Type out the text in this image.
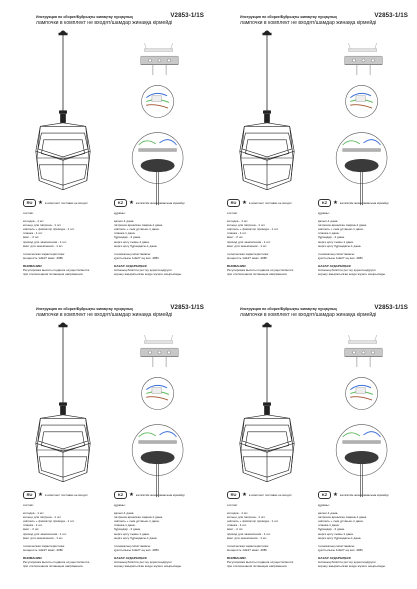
Инструкция по сборке/Буйрықты жинақтау нұсқаулық	V2853-1/1S
лампочки в комплект не входят/шамдар жинаққа кірмейді
RU	★ в комплект поставки не входит	KZ	★ жеткізілім жинақтамасына кірмейді
состав:
колодка - 1 шт.
кольцо для патрона - 1 шт.
ниппель + фиксатор провода - 1 шт.
планка - 1 шт.
винт - 2 шт.
провод для заземления - 1 шт.
винт для заземления - 1 шт.
техническая характеристика:
мощность 1хE27 макс. 40Вт
ВНИМАНИЕ!
Регулировка высоты подвеса осуществляется
при отключенном питающем напряжении.
құрамы:
қалып-1 дана.
патронға арналған сақина-1 дана.
ниппель + сым ұстағыш-1 дана.
планка-1 дана.
бұрандар - 2 дана.
жерге қосу сымы-1 дана.
жерге қосу бұрандасы-1 дана.
техникалық сипаттамасы:
қуаттылығы 1хE27 ең көп. 40Вт
НАЗАР АУДАРЫҢЫЗ!
Аспаның биіктігін реттеу қоректендіруші
кернеу ажыратылған кезде жүзеге асырылады.
Инструкция по сборке/Буйрықты жинақтау нұсқаулық	V2853-1/1S
лампочки в комплект не входят/шамдар жинаққа кірмейді
RU	★ в комплект поставки не входит	KZ	★ жеткізілім жинақтамасына кірмейді
состав:
колодка - 1 шт.
кольцо для патрона - 1 шт.
ниппель + фиксатор провода - 1 шт.
планка - 1 шт.
винт - 2 шт.
провод для заземления - 1 шт.
винт для заземления - 1 шт.
техническая характеристика:
мощность 1хE27 макс. 40Вт
ВНИМАНИЕ!
Регулировка высоты подвеса осуществляется
при отключенном питающем напряжении.
құрамы:
қалып-1 дана.
патронға арналған сақина-1 дана.
ниппель + сым ұстағыш-1 дана.
планка-1 дана.
бұрандар - 2 дана.
жерге қосу сымы-1 дана.
жерге қосу бұрандасы-1 дана.
техникалық сипаттамасы:
қуаттылығы 1хE27 ең көп. 40Вт
НАЗАР АУДАРЫҢЫЗ!
Аспаның биіктігін реттеу қоректендіруші
кернеу ажыратылған кезде жүзеге асырылады.
Инструкция по сборке/Буйрықты жинақтау нұсқаулық	V2853-1/1S
лампочки в комплект не входят/шамдар жинаққа кірмейді
RU	★ в комплект поставки не входит	KZ	★ жеткізілім жинақтамасына кірмейді
состав:
колодка - 1 шт.
кольцо для патрона - 1 шт.
ниппель + фиксатор провода - 1 шт.
планка - 1 шт.
винт - 2 шт.
провод для заземления - 1 шт.
винт для заземления - 1 шт.
техническая характеристика:
мощность 1хE27 макс. 40Вт
ВНИМАНИЕ!
Регулировка высоты подвеса осуществляется
при отключенном питающем напряжении.
құрамы:
қалып-1 дана.
патронға арналған сақина-1 дана.
ниппель + сым ұстағыш-1 дана.
планка-1 дана.
бұрандар - 2 дана.
жерге қосу сымы-1 дана.
жерге қосу бұрандасы-1 дана.
техникалық сипаттамасы:
қуаттылығы 1хE27 ең көп. 40Вт
НАЗАР АУДАРЫҢЫЗ!
Аспаның биіктігін реттеу қоректендіруші
кернеу ажыратылған кезде жүзеге асырылады.
Инструкция по сборке/Буйрықты жинақтау нұсқаулық	V2853-1/1S
лампочки в комплект не входят/шамдар жинаққа кірмейді
RU	★ в комплект поставки не входит	KZ	★ жеткізілім жинақтамасына кірмейді
состав:
колодка - 1 шт.
кольцо для патрона - 1 шт.
ниппель + фиксатор провода - 1 шт.
планка - 1 шт.
винт - 2 шт.
провод для заземления - 1 шт.
винт для заземления - 1 шт.
техническая характеристика:
мощность 1хE27 макс. 40Вт
ВНИМАНИЕ!
Регулировка высоты подвеса осуществляется
при отключенном питающем напряжении.
құрамы:
қалып-1 дана.
патронға арналған сақина-1 дана.
ниппель + сым ұстағыш-1 дана.
планка-1 дана.
бұрандар - 2 дана.
жерге қосу сымы-1 дана.
жерге қосу бұрандасы-1 дана.
техникалық сипаттамасы:
қуаттылығы 1хE27 ең көп. 40Вт
НАЗАР АУДАРЫҢЫЗ!
Аспаның биіктігін реттеу қоректендіруші
кернеу ажыратылған кезде жүзеге асырылады.
